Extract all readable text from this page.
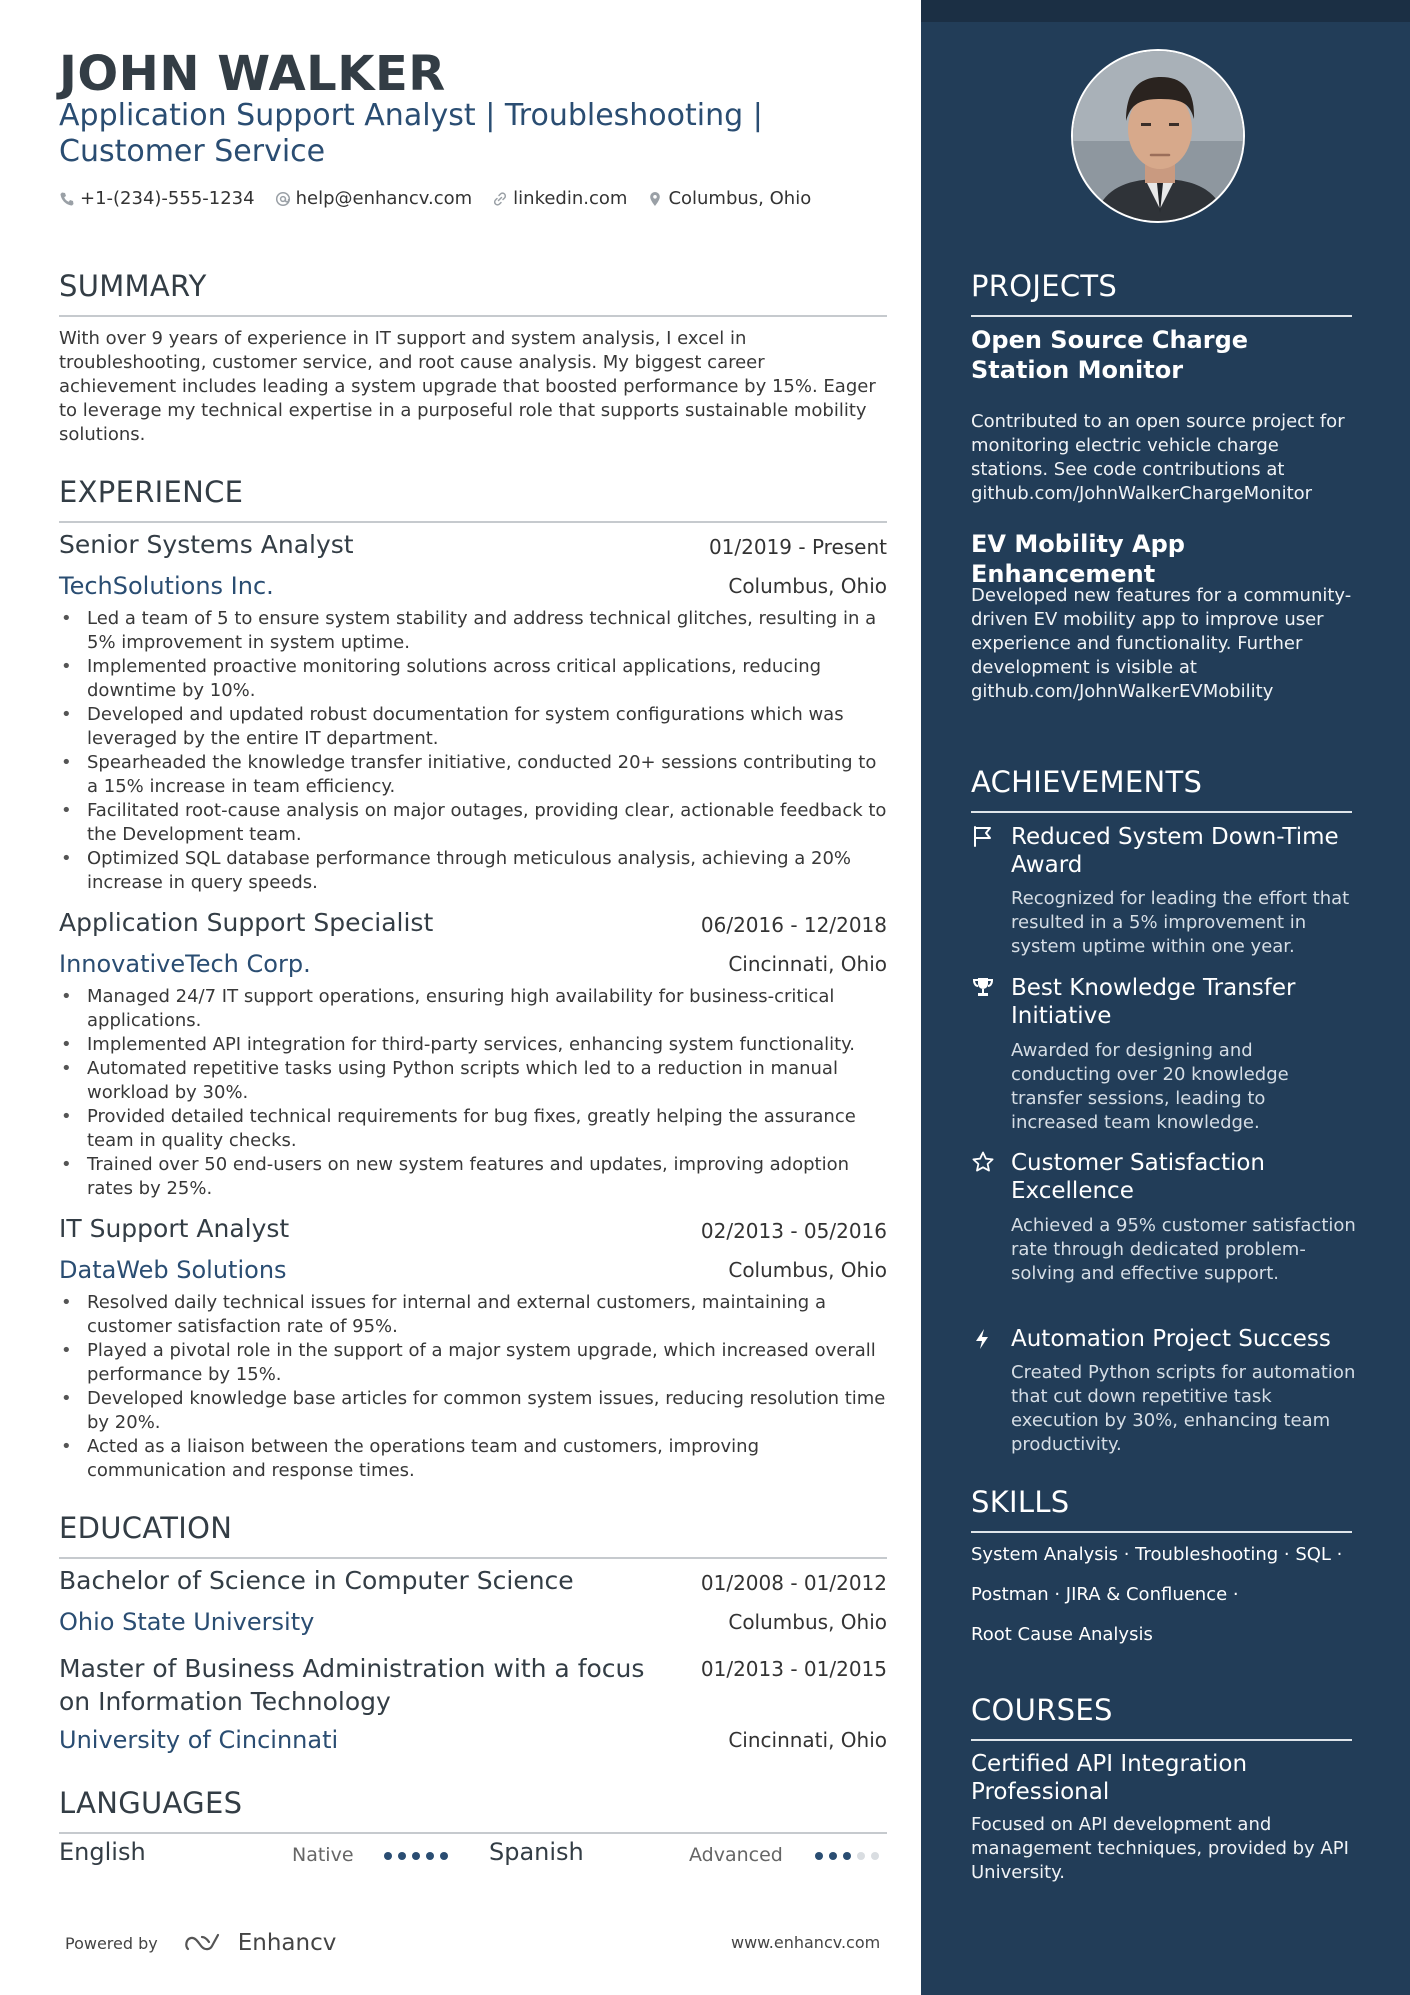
JOHN WALKER
Application Support Analyst | Troubleshooting |
Customer Service
+1-(234)-555-1234 help@enhancv.com linkedin.com Columbus, Ohio
SUMMARY
With over 9 years of experience in IT support and system analysis, I excel in troubleshooting, customer service, and root cause analysis. My biggest career achievement includes leading a system upgrade that boosted performance by 15%. Eager to leverage my technical expertise in a purposeful role that supports sustainable mobility solutions.
EXPERIENCE
Senior Systems Analyst	01/2019 - Present
TechSolutions Inc.	Columbus, Ohio
• Led a team of 5 to ensure system stability and address technical glitches, resulting in a 5% improvement in system uptime.
• Implemented proactive monitoring solutions across critical applications, reducing downtime by 10%.
• Developed and updated robust documentation for system configurations which was leveraged by the entire IT department.
• Spearheaded the knowledge transfer initiative, conducted 20+ sessions contributing to a 15% increase in team efficiency.
• Facilitated root-cause analysis on major outages, providing clear, actionable feedback to the Development team.
• Optimized SQL database performance through meticulous analysis, achieving a 20% increase in query speeds.
Application Support Specialist	06/2016 - 12/2018
InnovativeTech Corp.	Cincinnati, Ohio
• Managed 24/7 IT support operations, ensuring high availability for business-critical applications.
• Implemented API integration for third-party services, enhancing system functionality.
• Automated repetitive tasks using Python scripts which led to a reduction in manual workload by 30%.
• Provided detailed technical requirements for bug fixes, greatly helping the assurance team in quality checks.
• Trained over 50 end-users on new system features and updates, improving adoption rates by 25%.
IT Support Analyst	02/2013 - 05/2016
DataWeb Solutions	Columbus, Ohio
• Resolved daily technical issues for internal and external customers, maintaining a customer satisfaction rate of 95%.
• Played a pivotal role in the support of a major system upgrade, which increased overall performance by 15%.
• Developed knowledge base articles for common system issues, reducing resolution time by 20%.
• Acted as a liaison between the operations team and customers, improving communication and response times.
EDUCATION
Bachelor of Science in Computer Science	01/2008 - 01/2012
Ohio State University	Columbus, Ohio
Master of Business Administration with a focus
on Information Technology
01/2013 - 01/2015
University of Cincinnati	Cincinnati, Ohio
LANGUAGES
English	Native	Spanish	Advanced
Powered by	Enhancv	www.enhancv.com
PROJECTS
Open Source Charge Station Monitor
Contributed to an open source project for monitoring electric vehicle charge stations. See code contributions at github.com/JohnWalkerChargeMonitor
EV Mobility App Enhancement
Developed new features for a community-driven EV mobility app to improve user experience and functionality. Further development is visible at github.com/JohnWalkerEVMobility
ACHIEVEMENTS
Reduced System Down-Time Award
Recognized for leading the effort that resulted in a 5% improvement in system uptime within one year.
Best Knowledge Transfer Initiative
Awarded for designing and conducting over 20 knowledge transfer sessions, leading to increased team knowledge.
Customer Satisfaction Excellence
Achieved a 95% customer satisfaction rate through dedicated problem-solving and effective support.
Automation Project Success
Created Python scripts for automation that cut down repetitive task execution by 30%, enhancing team productivity.
SKILLS
System Analysis · Troubleshooting · SQL ·
Postman · JIRA & Confluence ·
Root Cause Analysis
COURSES
Certified API Integration Professional
Focused on API development and management techniques, provided by API University.
